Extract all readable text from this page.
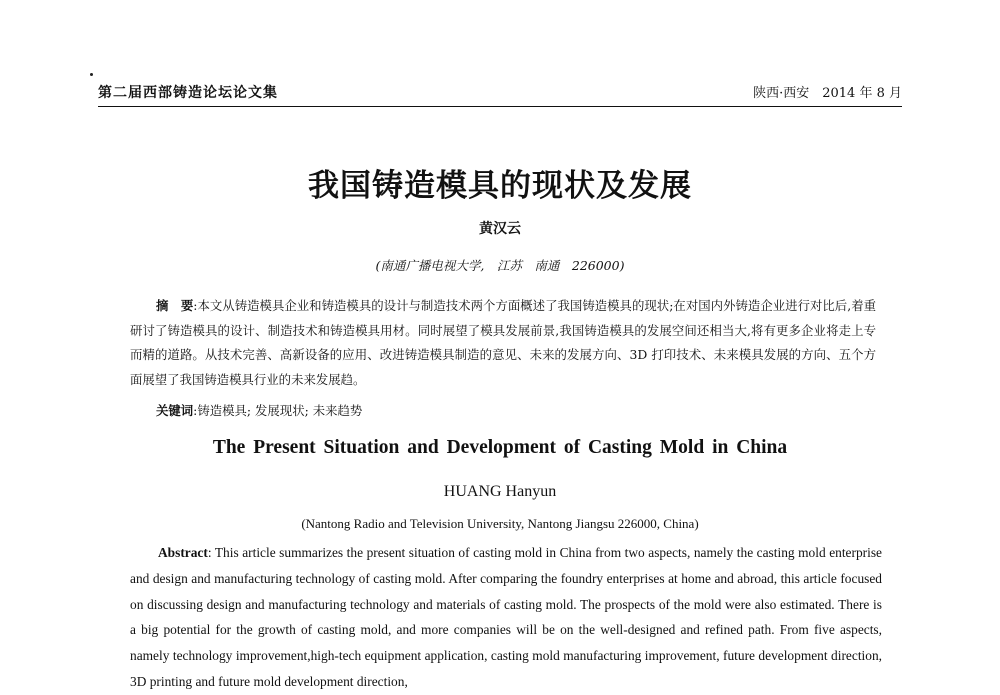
第二届西部铸造论坛论文集	陕西·西安　2014 年 8 月
我国铸造模具的现状及发展
黄汉云
(南通广播电视大学,　江苏　南通　226000)
摘　要:本文从铸造模具企业和铸造模具的设计与制造技术两个方面概述了我国铸造模具的现状;在对国内外铸造企业进行对比后,着重研讨了铸造模具的设计、制造技术和铸造模具用材。同时展望了模具发展前景,我国铸造模具的发展空间还相当大,将有更多企业将走上专而精的道路。从技术完善、高新设备的应用、改进铸造模具制造的意见、未来的发展方向、3D 打印技术、未来模具发展的方向、五个方面展望了我国铸造模具行业的未来发展趋。
关键词:铸造模具; 发展现状; 未来趋势
The Present Situation and Development of Casting Mold in China
HUANG Hanyun
(Nantong Radio and Television University, Nantong Jiangsu 226000, China)
Abstract: This article summarizes the present situation of casting mold in China from two aspects, namely the casting mold enterprise and design and manufacturing technology of casting mold. After comparing the foundry enterprises at home and abroad, this article focused on discussing design and manufacturing technology and materials of casting mold. The prospects of the mold were also estimated. There is a big potential for the growth of casting mold, and more companies will be on the well-designed and refined path. From five aspects, namely technology improvement,high-tech equipment application, casting mold manufacturing improvement, future development direction, 3D printing and future mold development direction,
